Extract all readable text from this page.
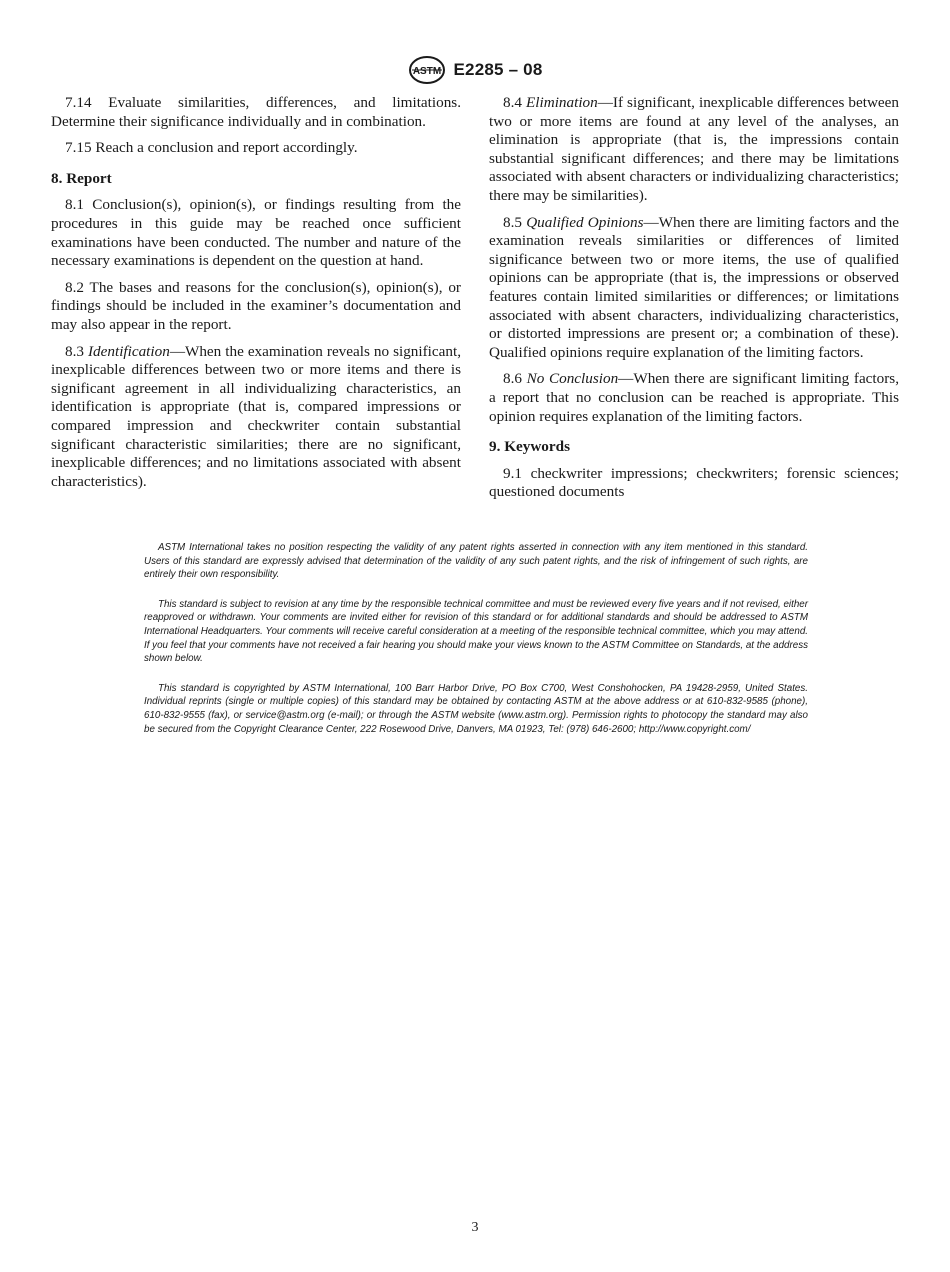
ASTM E2285 – 08

7.14 Evaluate similarities, differences, and limitations. Determine their significance individually and in combination.

7.15 Reach a conclusion and report accordingly.

8. Report

8.1 Conclusion(s), opinion(s), or findings resulting from the procedures in this guide may be reached once sufficient examinations have been conducted. The number and nature of the necessary examinations is dependent on the question at hand.

8.2 The bases and reasons for the conclusion(s), opinion(s), or findings should be included in the examiner’s documentation and may also appear in the report.

8.3 Identification—When the examination reveals no significant, inexplicable differences between two or more items and there is significant agreement in all individualizing characteristics, an identification is appropriate (that is, compared impressions or compared impression and checkwriter contain substantial significant characteristic similarities; there are no significant, inexplicable differences; and no limitations associated with absent characteristics).

8.4 Elimination—If significant, inexplicable differences between two or more items are found at any level of the analyses, an elimination is appropriate (that is, the impressions contain substantial significant differences; and there may be limitations associated with absent characters or individualizing characteristics; there may be similarities).

8.5 Qualified Opinions—When there are limiting factors and the examination reveals similarities or differences of limited significance between two or more items, the use of qualified opinions can be appropriate (that is, the impressions or observed features contain limited similarities or differences; or limitations associated with absent characters, individualizing characteristics, or distorted impressions are present or; a combination of these). Qualified opinions require explanation of the limiting factors.

8.6 No Conclusion—When there are significant limiting factors, a report that no conclusion can be reached is appropriate. This opinion requires explanation of the limiting factors.

9. Keywords

9.1 checkwriter impressions; checkwriters; forensic sciences; questioned documents

ASTM International takes no position respecting the validity of any patent rights asserted in connection with any item mentioned in this standard. Users of this standard are expressly advised that determination of the validity of any such patent rights, and the risk of infringement of such rights, are entirely their own responsibility.

This standard is subject to revision at any time by the responsible technical committee and must be reviewed every five years and if not revised, either reapproved or withdrawn. Your comments are invited either for revision of this standard or for additional standards and should be addressed to ASTM International Headquarters. Your comments will receive careful consideration at a meeting of the responsible technical committee, which you may attend. If you feel that your comments have not received a fair hearing you should make your views known to the ASTM Committee on Standards, at the address shown below.

This standard is copyrighted by ASTM International, 100 Barr Harbor Drive, PO Box C700, West Conshohocken, PA 19428-2959, United States. Individual reprints (single or multiple copies) of this standard may be obtained by contacting ASTM at the above address or at 610-832-9585 (phone), 610-832-9555 (fax), or service@astm.org (e-mail); or through the ASTM website (www.astm.org). Permission rights to photocopy the standard may also be secured from the Copyright Clearance Center, 222 Rosewood Drive, Danvers, MA 01923, Tel: (978) 646-2600; http://www.copyright.com/

3
